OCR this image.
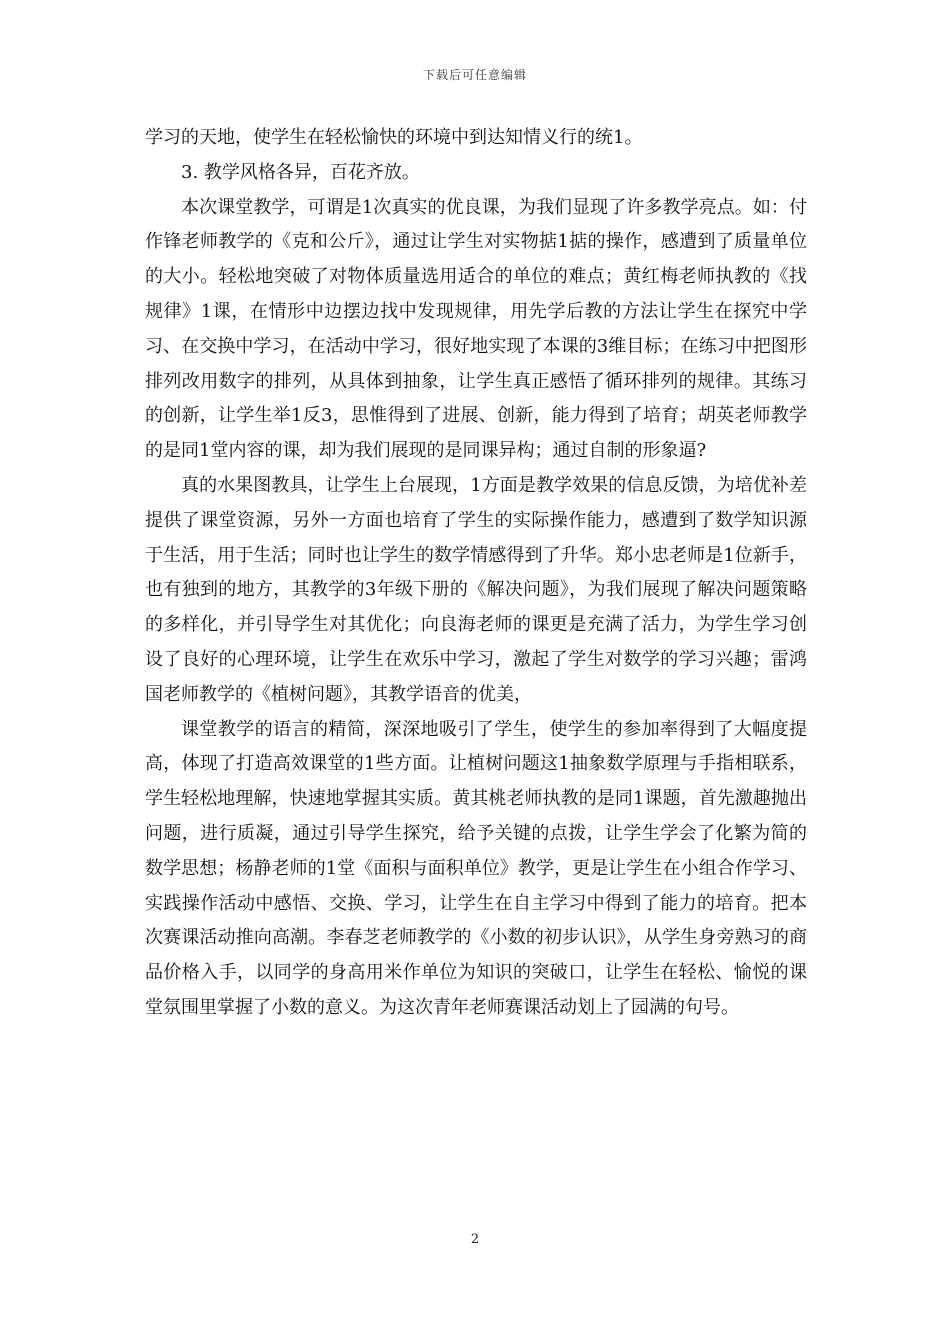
下载后可任意编辑

学习的天地，使学生在轻松愉快的环境中到达知情义行的统1。

3. 教学风格各异，百花齐放。

本次课堂教学，可谓是1次真实的优良课，为我们显现了许多教学亮点。如：付作锋老师教学的《克和公斤》，通过让学生对实物掂1掂的操作，感遭到了质量单位的大小。轻松地突破了对物体质量选用适合的单位的难点；黄红梅老师执教的《找规律》1课，在情形中边摆边找中发现规律，用先学后教的方法让学生在探究中学习、在交换中学习，在活动中学习，很好地实现了本课的3维目标；在练习中把图形排列改用数字的排列，从具体到抽象，让学生真正感悟了循环排列的规律。其练习的创新，让学生举1反3，思惟得到了进展、创新，能力得到了培育；胡英老师教学的是同1堂内容的课，却为我们展现的是同课异构；通过自制的形象逼?

真的水果图教具，让学生上台展现，1方面是教学效果的信息反馈，为培优补差提供了课堂资源，另外一方面也培育了学生的实际操作能力，感遭到了数学知识源于生活，用于生活；同时也让学生的数学情感得到了升华。郑小忠老师是1位新手，也有独到的地方，其教学的3年级下册的《解决问题》，为我们展现了解决问题策略的多样化，并引导学生对其优化；向良海老师的课更是充满了活力，为学生学习创设了良好的心理环境，让学生在欢乐中学习，激起了学生对数学的学习兴趣；雷鸿国老师教学的《植树问题》，其教学语音的优美，

课堂教学的语言的精简，深深地吸引了学生，使学生的参加率得到了大幅度提高，体现了打造高效课堂的1些方面。让植树问题这1抽象数学原理与手指相联系，学生轻松地理解，快速地掌握其实质。黄其桃老师执教的是同1课题，首先激趣抛出问题，进行质凝，通过引导学生探究，给予关键的点拨，让学生学会了化繁为简的数学思想；杨静老师的1堂《面积与面积单位》教学，更是让学生在小组合作学习、实践操作活动中感悟、交换、学习，让学生在自主学习中得到了能力的培育。把本次赛课活动推向高潮。李春芝老师教学的《小数的初步认识》，从学生身旁熟习的商品价格入手，以同学的身高用米作单位为知识的突破口，让学生在轻松、愉悦的课堂氛围里掌握了小数的意义。为这次青年老师赛课活动划上了园满的句号。

2
